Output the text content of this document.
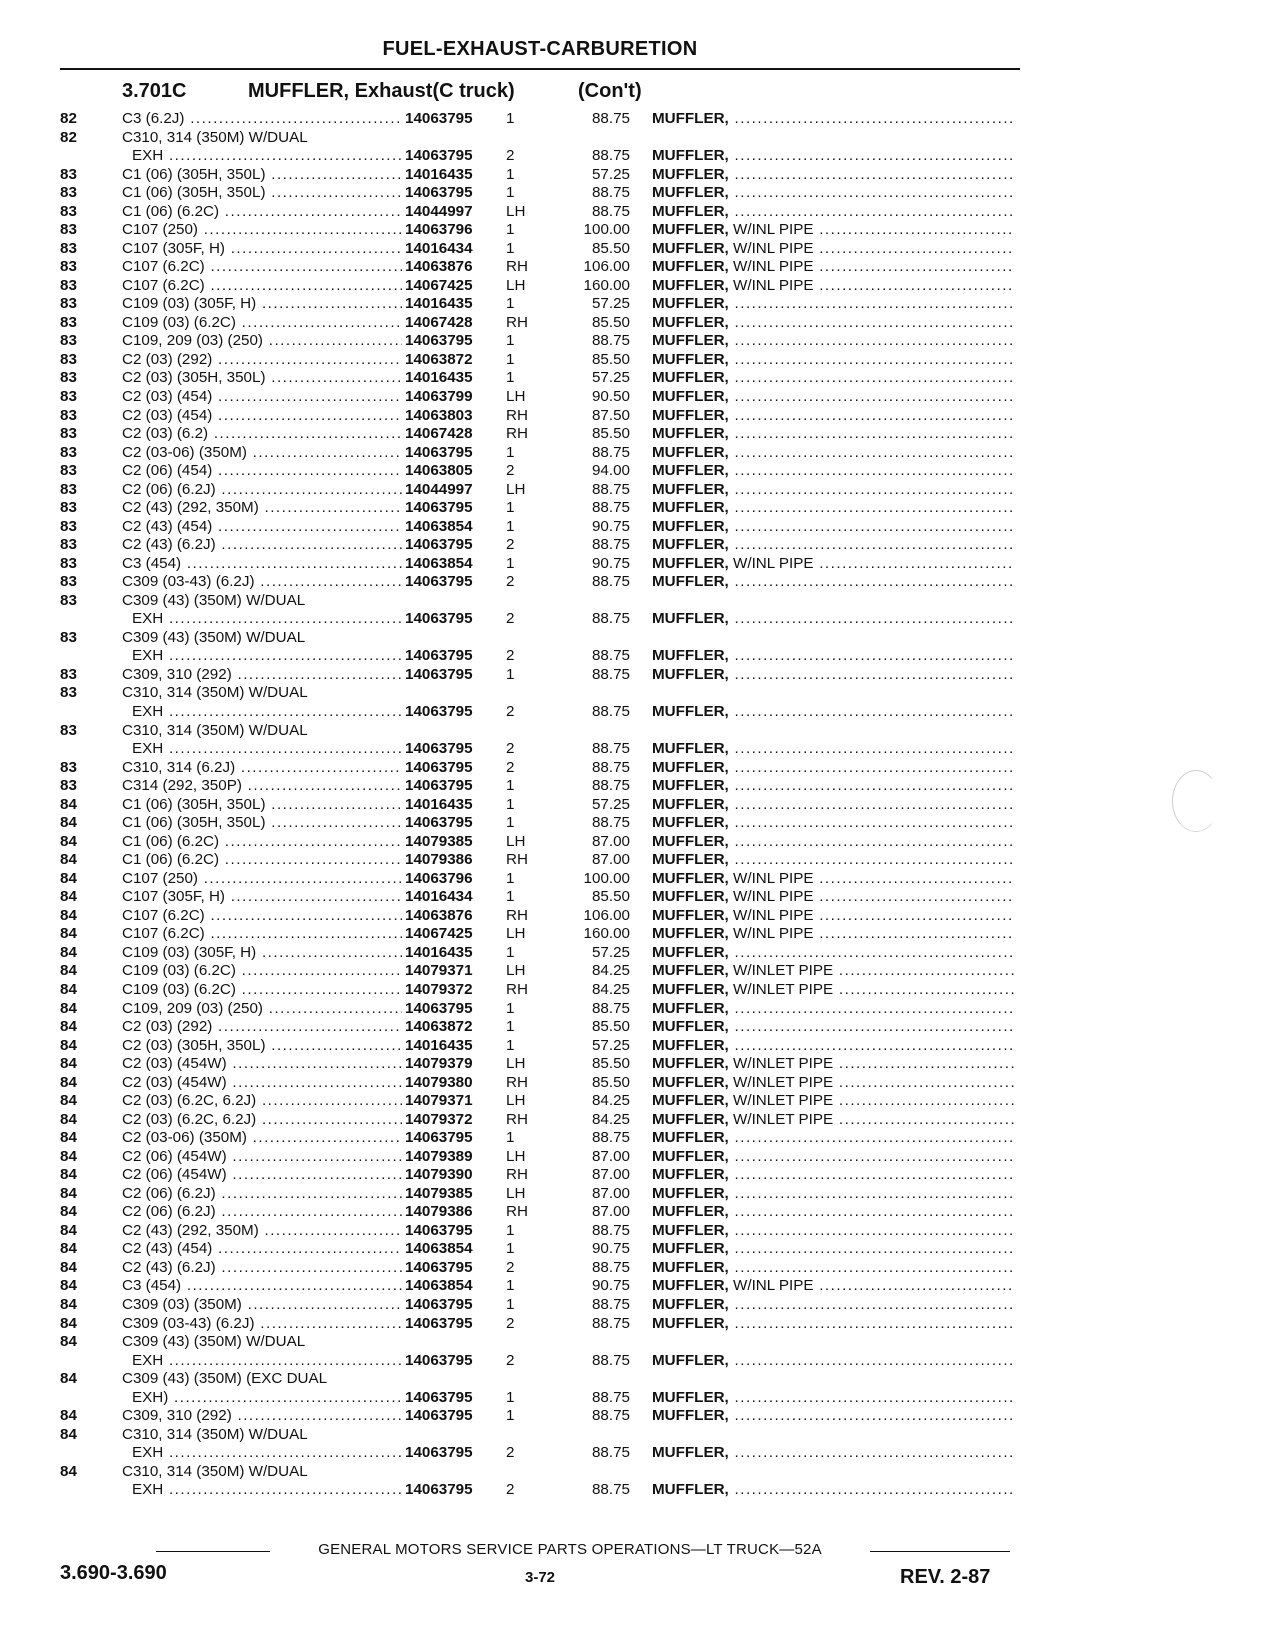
FUEL-EXHAUST-CARBURETION
3.701C	MUFFLER, Exhaust(C truck)	(Con't)
82	C3 (6.2J) .....	14063795 1	88.75 MUFFLER, .....
82	C310, 314 (350M) W/DUAL
EXH .....	14063795 2	88.75 MUFFLER, .....
83	C1 (06) (305H, 350L) .....	14016435 1	57.25 MUFFLER, .....
83	C1 (06) (305H, 350L) .....	14063795 1	88.75 MUFFLER, .....
83	C1 (06) (6.2C) .....	14044997 LH	88.75 MUFFLER, .....
83	C107 (250) .....	14063796 1	100.00 MUFFLER, W/INL PIPE .....
83	C107 (305F, H) .....	14016434 1	85.50 MUFFLER, W/INL PIPE .....
83	C107 (6.2C) .....	14063876 RH	106.00 MUFFLER, W/INL PIPE .....
83	C107 (6.2C) .....	14067425 LH	160.00 MUFFLER, W/INL PIPE .....
83	C109 (03) (305F, H) .....	14016435 1	57.25 MUFFLER, .....
83	C109 (03) (6.2C) .....	14067428 RH	85.50 MUFFLER, .....
83	C109, 209 (03) (250) .....	14063795 1	88.75 MUFFLER, .....
83	C2 (03) (292) .....	14063872 1	85.50 MUFFLER, .....
83	C2 (03) (305H, 350L) .....	14016435 1	57.25 MUFFLER, .....
83	C2 (03) (454) .....	14063799 LH	90.50 MUFFLER, .....
83	C2 (03) (454) .....	14063803 RH	87.50 MUFFLER, .....
83	C2 (03) (6.2) .....	14067428 RH	85.50 MUFFLER, .....
83	C2 (03-06) (350M) .....	14063795 1	88.75 MUFFLER, .....
83	C2 (06) (454) .....	14063805 2	94.00 MUFFLER, .....
83	C2 (06) (6.2J) .....	14044997 LH	88.75 MUFFLER, .....
83	C2 (43) (292, 350M) .....	14063795 1	88.75 MUFFLER, .....
83	C2 (43) (454) .....	14063854 1	90.75 MUFFLER, .....
83	C2 (43) (6.2J) .....	14063795 2	88.75 MUFFLER, .....
83	C3 (454) .....	14063854 1	90.75 MUFFLER, W/INL PIPE .....
83	C309 (03-43) (6.2J) .....	14063795 2	88.75 MUFFLER, .....
83	C309 (43) (350M) W/DUAL
EXH .....	14063795 2	88.75 MUFFLER, .....
83	C309 (43) (350M) W/DUAL
EXH .....	14063795 2	88.75 MUFFLER, .....
83	C309, 310 (292) .....	14063795 1	88.75 MUFFLER, .....
83	C310, 314 (350M) W/DUAL
EXH .....	14063795 2	88.75 MUFFLER, .....
83	C310, 314 (350M) W/DUAL
EXH .....	14063795 2	88.75 MUFFLER, .....
83	C310, 314 (6.2J) .....	14063795 2	88.75 MUFFLER, .....
83	C314 (292, 350P) .....	14063795 1	88.75 MUFFLER, .....
84	C1 (06) (305H, 350L) .....	14016435 1	57.25 MUFFLER, .....
84	C1 (06) (305H, 350L) .....	14063795 1	88.75 MUFFLER, .....
84	C1 (06) (6.2C) .....	14079385 LH	87.00 MUFFLER, .....
84	C1 (06) (6.2C) .....	14079386 RH	87.00 MUFFLER, .....
84	C107 (250) .....	14063796 1	100.00 MUFFLER, W/INL PIPE .....
84	C107 (305F, H) .....	14016434 1	85.50 MUFFLER, W/INL PIPE .....
84	C107 (6.2C) .....	14063876 RH	106.00 MUFFLER, W/INL PIPE .....
84	C107 (6.2C) .....	14067425 LH	160.00 MUFFLER, W/INL PIPE .....
84	C109 (03) (305F, H) .....	14016435 1	57.25 MUFFLER, .....
84	C109 (03) (6.2C) .....	14079371 LH	84.25 MUFFLER, W/INLET PIPE .....
84	C109 (03) (6.2C) .....	14079372 RH	84.25 MUFFLER, W/INLET PIPE .....
84	C109, 209 (03) (250) .....	14063795 1	88.75 MUFFLER, .....
84	C2 (03) (292) .....	14063872 1	85.50 MUFFLER, .....
84	C2 (03) (305H, 350L) .....	14016435 1	57.25 MUFFLER, .....
84	C2 (03) (454W) .....	14079379 LH	85.50 MUFFLER, W/INLET PIPE .....
84	C2 (03) (454W) .....	14079380 RH	85.50 MUFFLER, W/INLET PIPE .....
84	C2 (03) (6.2C, 6.2J) .....	14079371 LH	84.25 MUFFLER, W/INLET PIPE .....
84	C2 (03) (6.2C, 6.2J) .....	14079372 RH	84.25 MUFFLER, W/INLET PIPE .....
84	C2 (03-06) (350M) .....	14063795 1	88.75 MUFFLER, .....
84	C2 (06) (454W) .....	14079389 LH	87.00 MUFFLER, .....
84	C2 (06) (454W) .....	14079390 RH	87.00 MUFFLER, .....
84	C2 (06) (6.2J) .....	14079385 LH	87.00 MUFFLER, .....
84	C2 (06) (6.2J) .....	14079386 RH	87.00 MUFFLER, .....
84	C2 (43) (292, 350M) .....	14063795 1	88.75 MUFFLER, .....
84	C2 (43) (454) .....	14063854 1	90.75 MUFFLER, .....
84	C2 (43) (6.2J) .....	14063795 2	88.75 MUFFLER, .....
84	C3 (454) .....	14063854 1	90.75 MUFFLER, W/INL PIPE .....
84	C309 (03) (350M) .....	14063795 1	88.75 MUFFLER, .....
84	C309 (03-43) (6.2J) .....	14063795 2	88.75 MUFFLER, .....
84	C309 (43) (350M) W/DUAL
EXH .....	14063795 2	88.75 MUFFLER, .....
84	C309 (43) (350M) (EXC DUAL
EXH) .....	14063795 1	88.75 MUFFLER, .....
84	C309, 310 (292) .....	14063795 1	88.75 MUFFLER, .....
84	C310, 314 (350M) W/DUAL
EXH .....	14063795 2	88.75 MUFFLER, .....
84	C310, 314 (350M) W/DUAL
EXH .....	14063795 2	88.75 MUFFLER, .....
GENERAL MOTORS SERVICE PARTS OPERATIONS—LT TRUCK—52A
3-72
3.690-3.690	REV. 2-87
